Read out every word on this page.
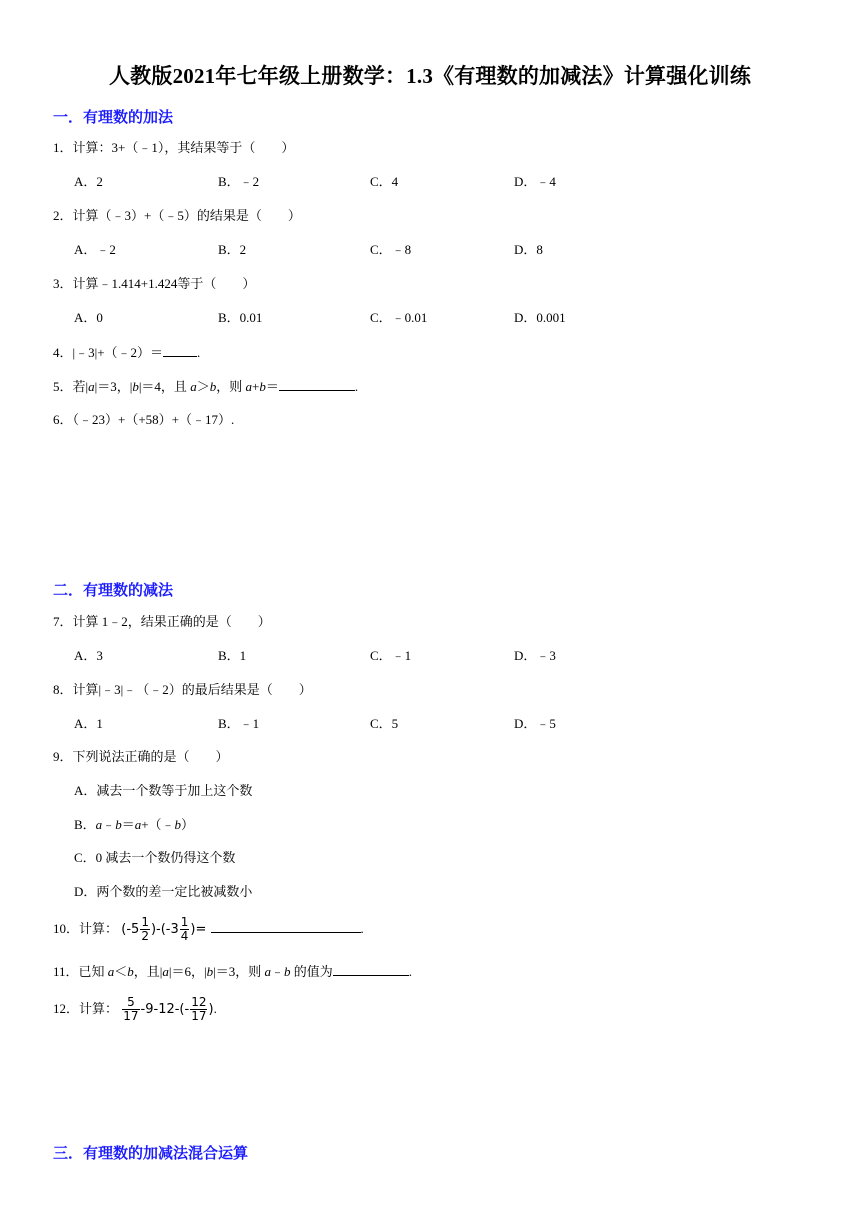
人教版2021年七年级上册数学：1.3《有理数的加减法》计算强化训练
一．有理数的加法
1．计算：3+（﹣1），其结果等于（　　）
A．2	B．﹣2	C．4	D．﹣4
2．计算（﹣3）+（﹣5）的结果是（　　）
A．﹣2	B．2	C．﹣8	D．8
3．计算﹣1.414+1.424等于（　　）
A．0	B．0.01	C．﹣0.01	D．0.001
4．|﹣3|+（﹣2）＝	.
5．若|a|＝3，|b|＝4，且 a＞b，则 a+b＝	.
6．（﹣23）+（+58）+（﹣17）.
二．有理数的减法
7．计算 1﹣2，结果正确的是（　　）
A．3	B．1	C．﹣1	D．﹣3
8．计算|﹣3|﹣（﹣2）的最后结果是（　　）
A．1	B．﹣1	C．5	D．﹣5
9．下列说法正确的是（　　）
A．减去一个数等于加上这个数
B．a﹣b＝a+（﹣b）
C．0 减去一个数仍得这个数
D．两个数的差一定比被减数小
10．计算： $(-5 \frac{1}{2} )-(-3 \frac{1}{4}$ )=	.
11．已知 a＜b，且|a|＝6，|b|＝3，则 a﹣b 的值为	.
12．计算： $\frac{5}{17} -9-12-(- \frac{12}{17}$ ).
三．有理数的加减法混合运算
